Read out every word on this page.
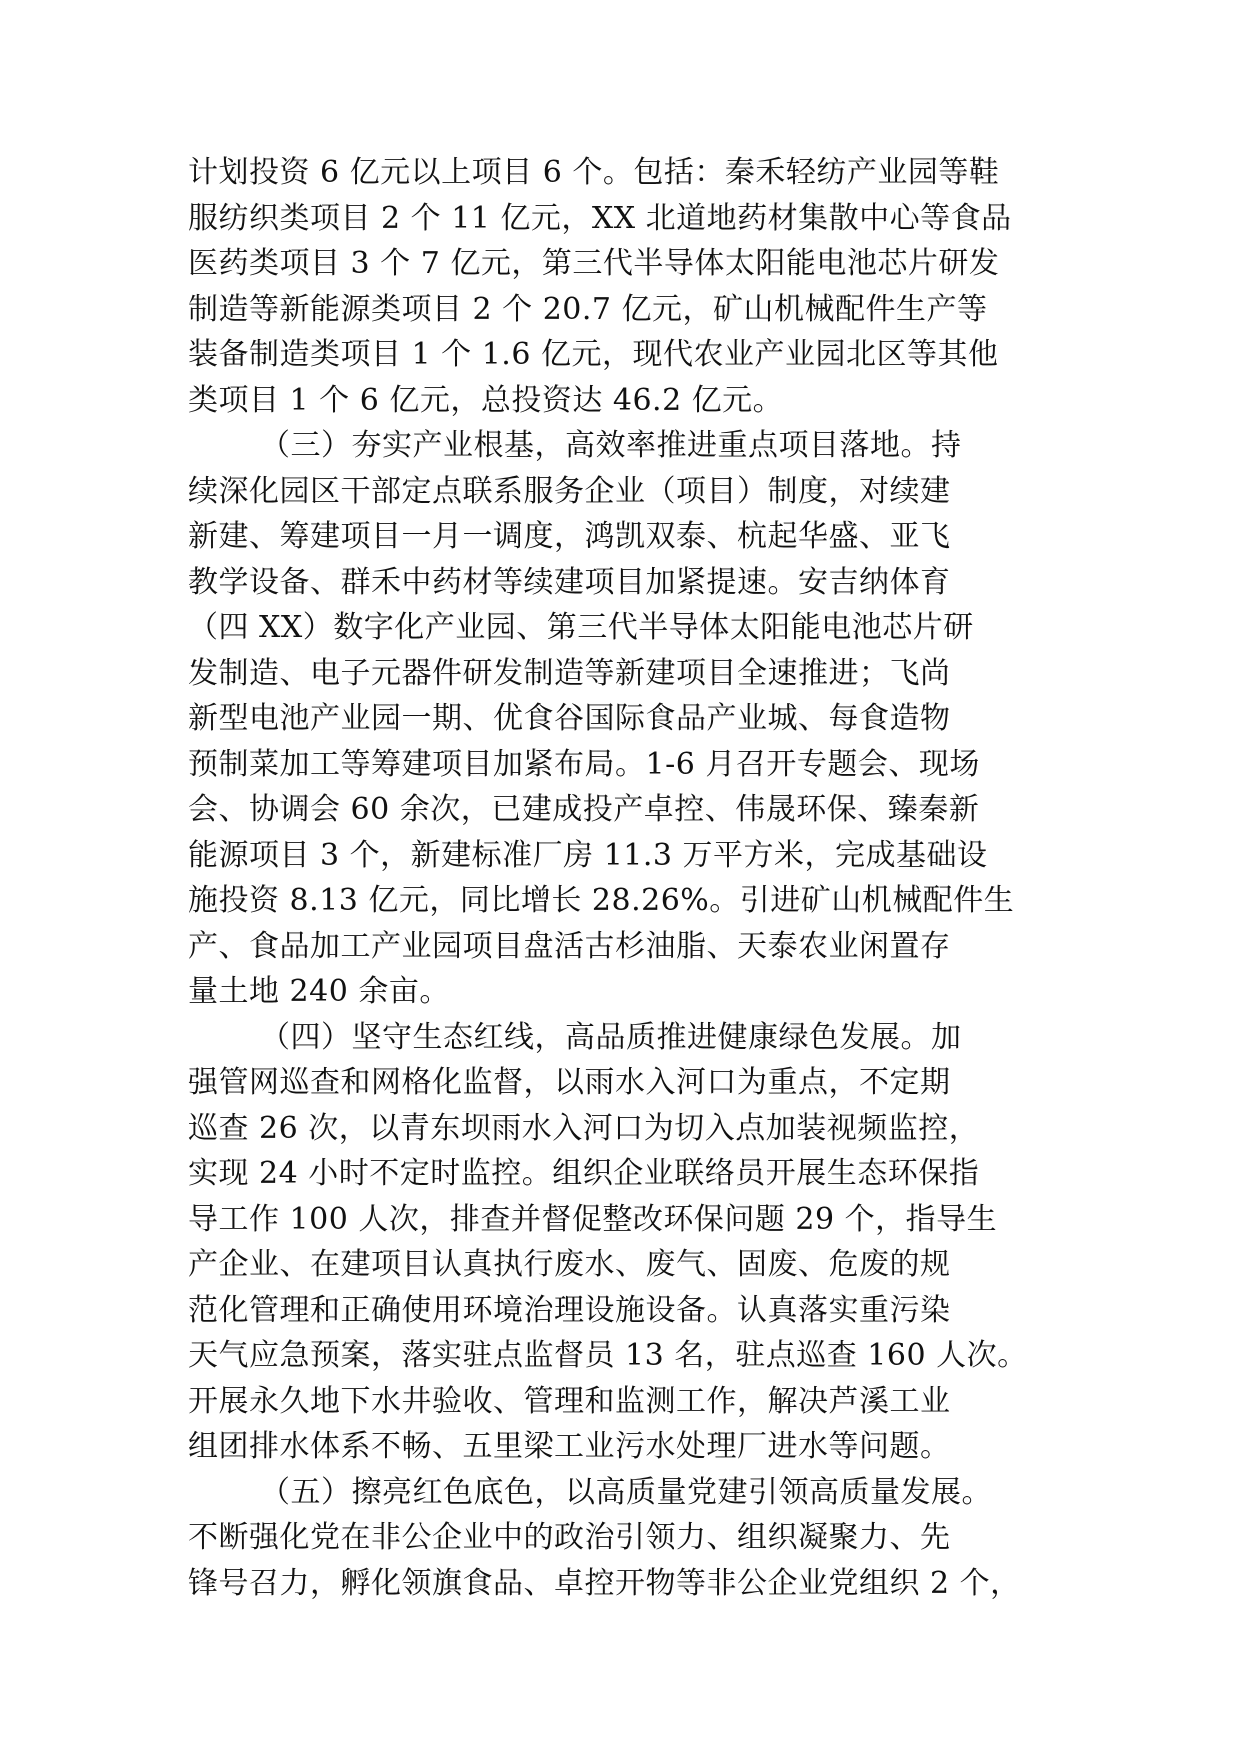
计划投资 6 亿元以上项目 6 个。包括：秦禾轻纺产业园等鞋
服纺织类项目 2 个 11 亿元，XX 北道地药材集散中心等食品
医药类项目 3 个 7 亿元，第三代半导体太阳能电池芯片研发
制造等新能源类项目 2 个 20.7 亿元，矿山机械配件生产等
装备制造类项目 1 个 1.6 亿元，现代农业产业园北区等其他
类项目 1 个 6 亿元，总投资达 46.2 亿元。
（三）夯实产业根基，高效率推进重点项目落地。持
续深化园区干部定点联系服务企业（项目）制度，对续建
新建、筹建项目一月一调度，鸿凯双泰、杭起华盛、亚飞
教学设备、群禾中药材等续建项目加紧提速。安吉纳体育
（四 XX）数字化产业园、第三代半导体太阳能电池芯片研
发制造、电子元器件研发制造等新建项目全速推进；飞尚
新型电池产业园一期、优食谷国际食品产业城、每食造物
预制菜加工等筹建项目加紧布局。1-6 月召开专题会、现场
会、协调会 60 余次，已建成投产卓控、伟晟环保、臻秦新
能源项目 3 个，新建标准厂房 11.3 万平方米，完成基础设
施投资 8.13 亿元，同比增长 28.26%。引进矿山机械配件生
产、食品加工产业园项目盘活古杉油脂、天泰农业闲置存
量土地 240 余亩。
（四）坚守生态红线，高品质推进健康绿色发展。加
强管网巡查和网格化监督，以雨水入河口为重点，不定期
巡查 26 次，以青东坝雨水入河口为切入点加装视频监控，
实现 24 小时不定时监控。组织企业联络员开展生态环保指
导工作 100 人次，排查并督促整改环保问题 29 个，指导生
产企业、在建项目认真执行废水、废气、固废、危废的规
范化管理和正确使用环境治理设施设备。认真落实重污染
天气应急预案，落实驻点监督员 13 名，驻点巡查 160 人次。
开展永久地下水井验收、管理和监测工作，解决芦溪工业
组团排水体系不畅、五里梁工业污水处理厂进水等问题。
（五）擦亮红色底色，以高质量党建引领高质量发展。
不断强化党在非公企业中的政治引领力、组织凝聚力、先
锋号召力，孵化领旗食品、卓控开物等非公企业党组织 2 个，
